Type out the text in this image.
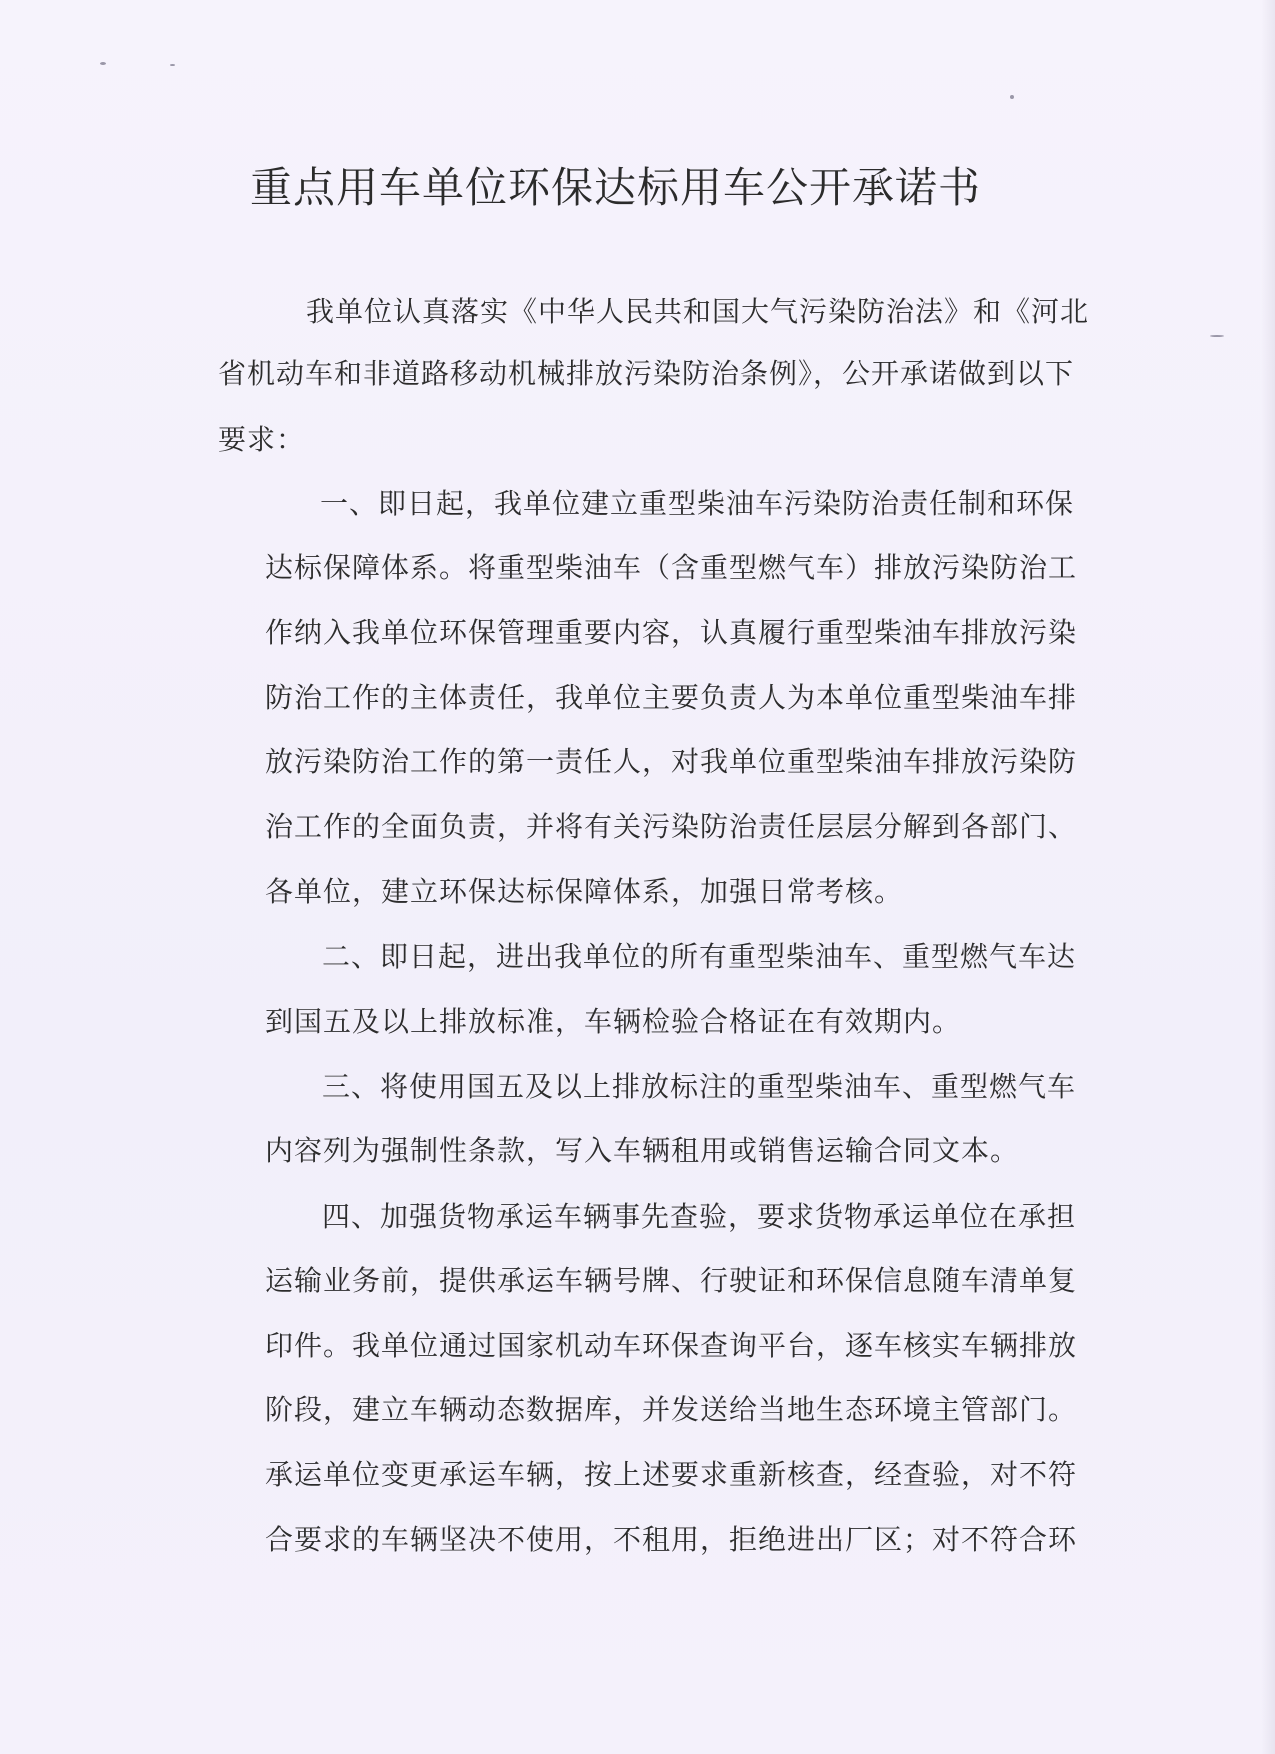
重点用车单位环保达标用车公开承诺书
我单位认真落实《中华人民共和国大气污染防治法》和《河北
省机动车和非道路移动机械排放污染防治条例》，公开承诺做到以下
要求：
一、即日起，我单位建立重型柴油车污染防治责任制和环保
达标保障体系。将重型柴油车（含重型燃气车）排放污染防治工
作纳入我单位环保管理重要内容，认真履行重型柴油车排放污染
防治工作的主体责任，我单位主要负责人为本单位重型柴油车排
放污染防治工作的第一责任人，对我单位重型柴油车排放污染防
治工作的全面负责，并将有关污染防治责任层层分解到各部门、
各单位，建立环保达标保障体系，加强日常考核。
二、即日起，进出我单位的所有重型柴油车、重型燃气车达
到国五及以上排放标准，车辆检验合格证在有效期内。
三、将使用国五及以上排放标注的重型柴油车、重型燃气车
内容列为强制性条款，写入车辆租用或销售运输合同文本。
四、加强货物承运车辆事先查验，要求货物承运单位在承担
运输业务前，提供承运车辆号牌、行驶证和环保信息随车清单复
印件。我单位通过国家机动车环保查询平台，逐车核实车辆排放
阶段，建立车辆动态数据库，并发送给当地生态环境主管部门。
承运单位变更承运车辆，按上述要求重新核查，经查验，对不符
合要求的车辆坚决不使用，不租用，拒绝进出厂区；对不符合环
